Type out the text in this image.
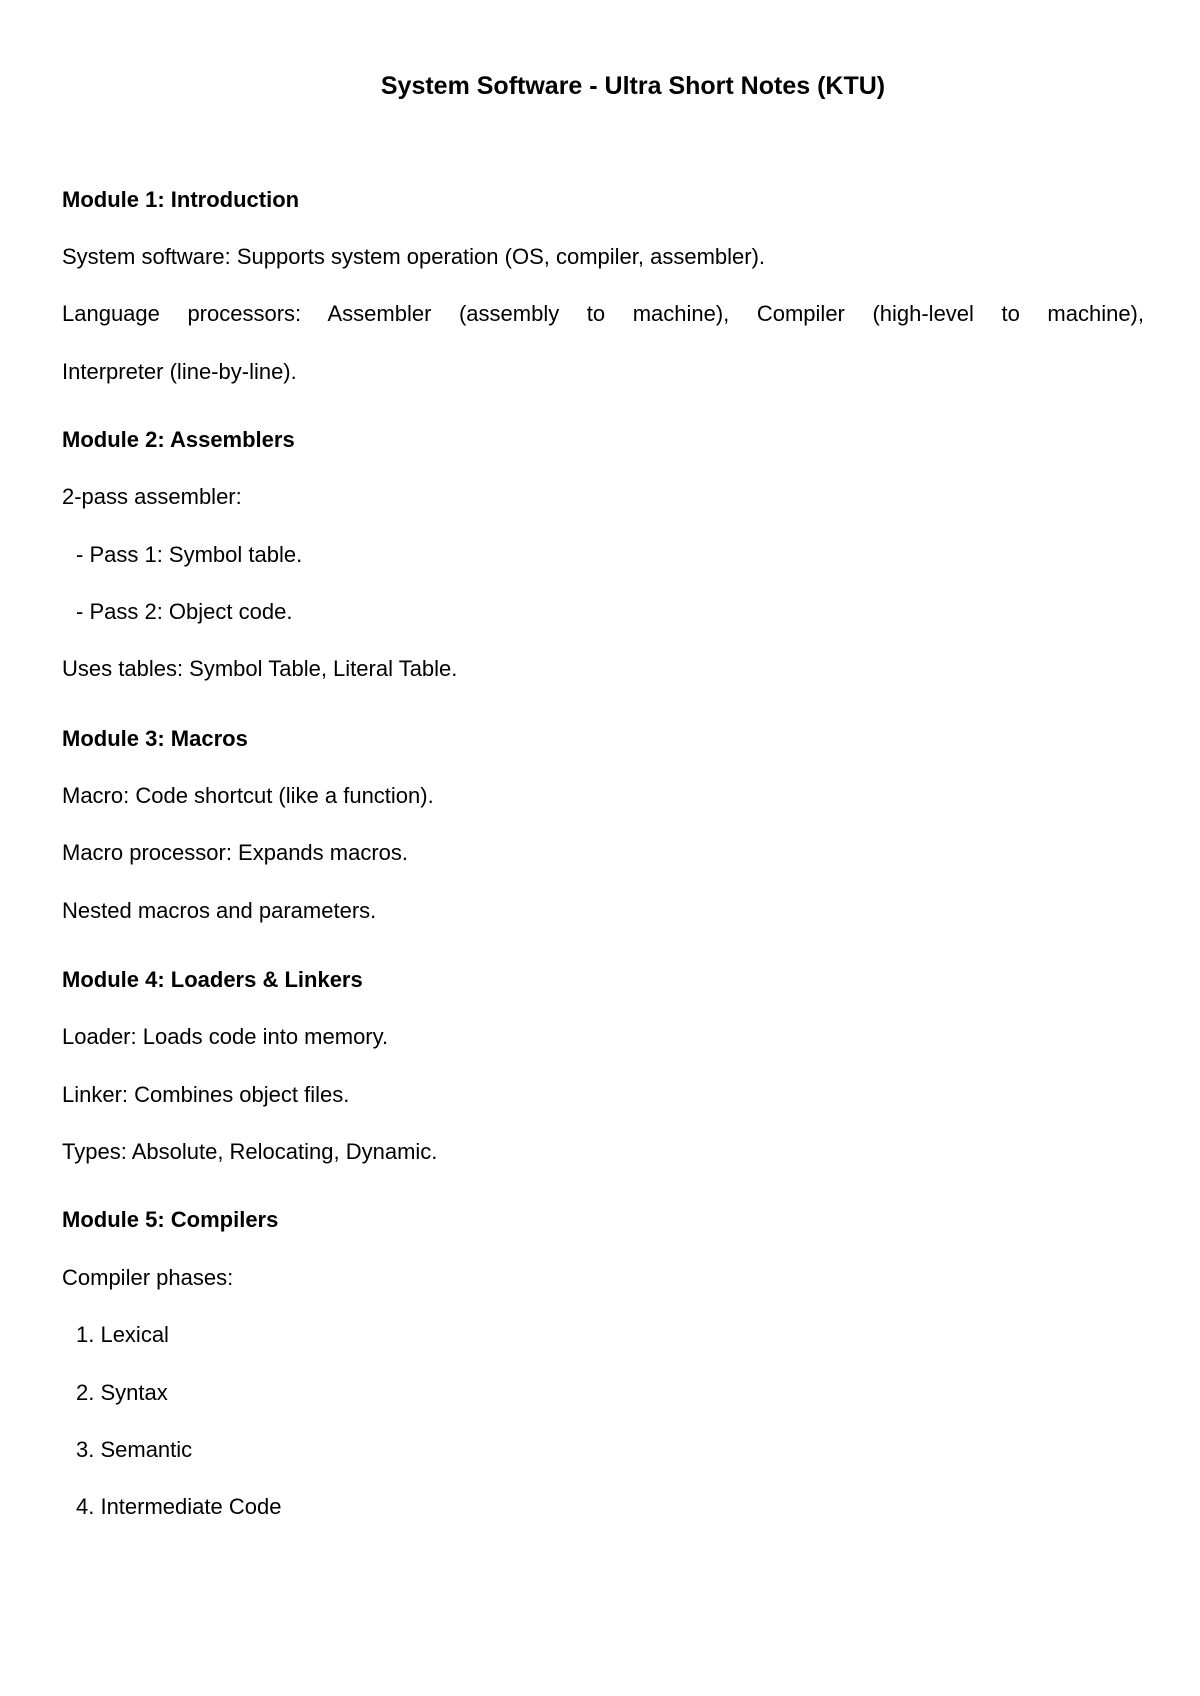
System Software - Ultra Short Notes (KTU)
Module 1: Introduction
System software: Supports system operation (OS, compiler, assembler).
Language processors: Assembler (assembly to machine), Compiler (high-level to machine),
Interpreter (line-by-line).
Module 2: Assemblers
2-pass assembler:
- Pass 1: Symbol table.
- Pass 2: Object code.
Uses tables: Symbol Table, Literal Table.
Module 3: Macros
Macro: Code shortcut (like a function).
Macro processor: Expands macros.
Nested macros and parameters.
Module 4: Loaders & Linkers
Loader: Loads code into memory.
Linker: Combines object files.
Types: Absolute, Relocating, Dynamic.
Module 5: Compilers
Compiler phases:
1. Lexical
2. Syntax
3. Semantic
4. Intermediate Code
